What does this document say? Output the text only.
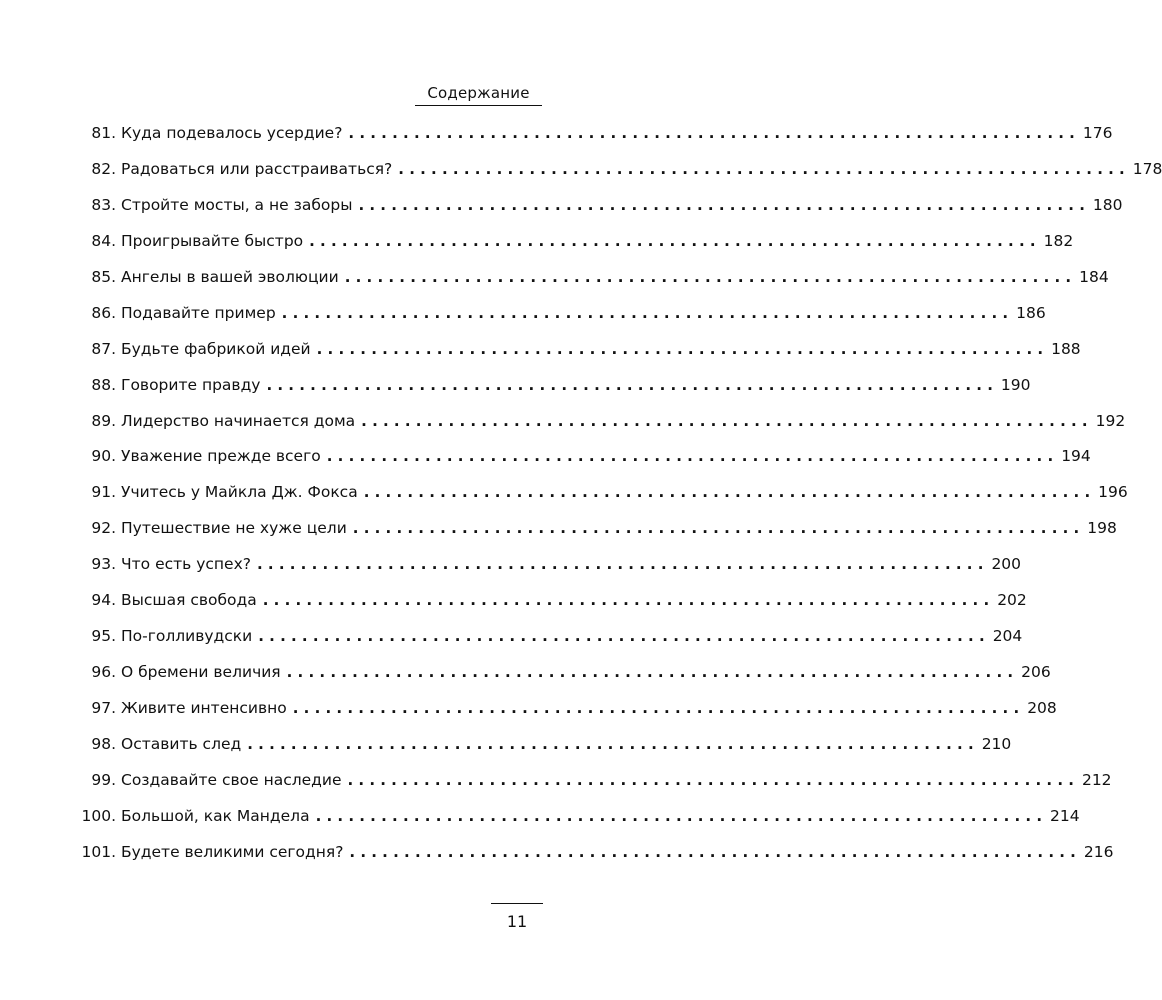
Содержание
81. Куда подевалось усердие? . . .	176
82. Радоваться или расстраиваться? . . .	178
83. Стройте мосты, а не заборы . . .	180
84. Проигрывайте быстро . . .	182
85. Ангелы в вашей эволюции . . .	184
86. Подавайте пример . . .	186
87. Будьте фабрикой идей . . .	188
88. Говорите правду . . .	190
89. Лидерство начинается дома . . .	192
90. Уважение прежде всего . . .	194
91. Учитесь у Майкла Дж. Фокса . . .	196
92. Путешествие не хуже цели . . .	198
93. Что есть успех? . . .	200
94. Высшая свобода . . .	202
95. По-голливудски . . .	204
96. О бремени величия . . .	206
97. Живите интенсивно . . .	208
98. Оставить след . . .	210
99. Создавайте свое наследие . . .	212
100. Большой, как Мандела . . .	214
101. Будете великими сегодня? . . .	216
11
